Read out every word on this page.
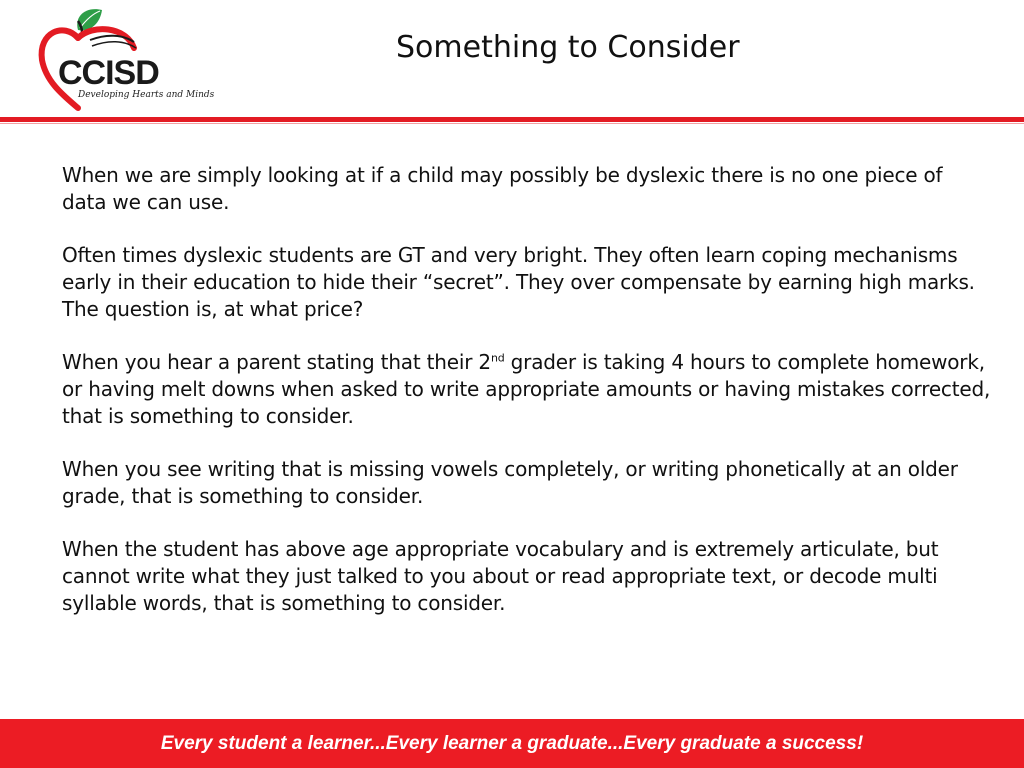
CCISD
Developing Hearts and Minds
Something to Consider

When we are simply looking at if a child may possibly be dyslexic there is no one piece of data we can use.

Often times dyslexic students are GT and very bright. They often learn coping mechanisms early in their education to hide their “secret”. They over compensate by earning high marks. The question is, at what price?

When you hear a parent stating that their 2nd grader is taking 4 hours to complete homework, or having melt downs when asked to write appropriate amounts or having mistakes corrected, that is something to consider.

When you see writing that is missing vowels completely, or writing phonetically at an older grade, that is something to consider.

When the student has above age appropriate vocabulary and is extremely articulate, but cannot write what they just talked to you about or read appropriate text, or decode multi syllable words, that is something to consider.

Every student a learner...Every learner a graduate...Every graduate a success!
